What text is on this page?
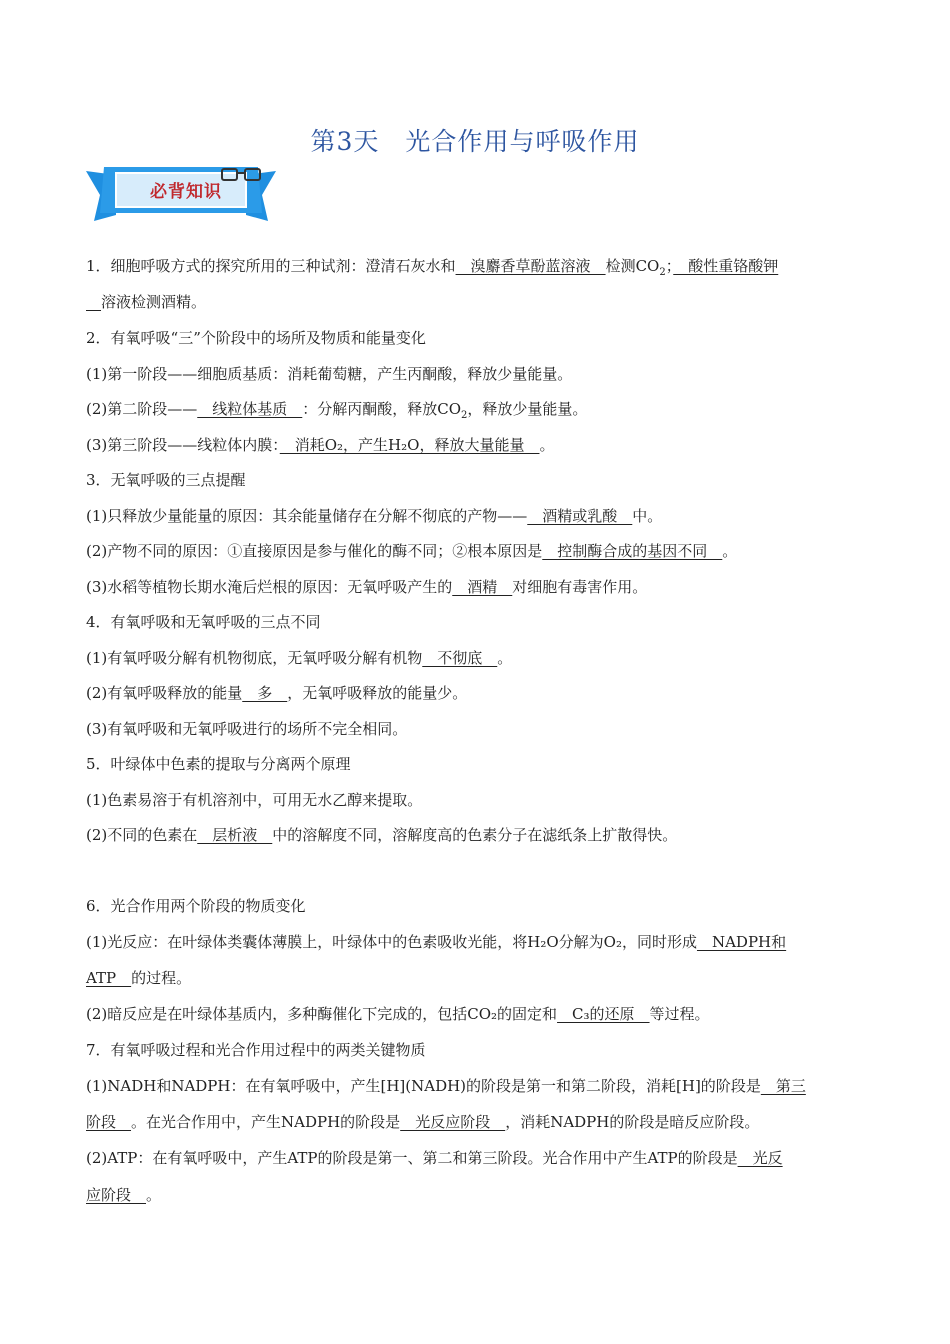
第3天　光合作用与呼吸作用
必背知识
1．细胞呼吸方式的探究所用的三种试剂：澄清石灰水和　溴麝香草酚蓝溶液　检测$CO_2$；　酸性重铬酸钾
　溶液检测酒精。
2．有氧呼吸“三”个阶段中的场所及物质和能量变化
(1)第一阶段——细胞质基质：消耗葡萄糖，产生丙酮酸，释放少量能量。
(2)第二阶段——　线粒体基质　：分解丙酮酸，释放$CO_2$，释放少量能量。
(3)第三阶段——线粒体内膜：　消耗O₂，产生H₂O，释放大量能量　。
3．无氧呼吸的三点提醒
(1)只释放少量能量的原因：其余能量储存在分解不彻底的产物——　酒精或乳酸　中。
(2)产物不同的原因：①直接原因是参与催化的酶不同；②根本原因是　控制酶合成的基因不同　。
(3)水稻等植物长期水淹后烂根的原因：无氧呼吸产生的　酒精　对细胞有毒害作用。
4．有氧呼吸和无氧呼吸的三点不同
(1)有氧呼吸分解有机物彻底，无氧呼吸分解有机物　不彻底　。
(2)有氧呼吸释放的能量　多　，无氧呼吸释放的能量少。
(3)有氧呼吸和无氧呼吸进行的场所不完全相同。
5．叶绿体中色素的提取与分离两个原理
(1)色素易溶于有机溶剂中，可用无水乙醇来提取。
(2)不同的色素在　层析液　中的溶解度不同，溶解度高的色素分子在滤纸条上扩散得快。
6．光合作用两个阶段的物质变化
(1)光反应：在叶绿体类囊体薄膜上，叶绿体中的色素吸收光能，将H₂O分解为O₂，同时形成　NADPH和
ATP　的过程。
(2)暗反应是在叶绿体基质内，多种酶催化下完成的，包括CO₂的固定和　C₃的还原　等过程。
7．有氧呼吸过程和光合作用过程中的两类关键物质
(1)NADH和NADPH：在有氧呼吸中，产生[H](NADH)的阶段是第一和第二阶段，消耗[H]的阶段是　第三
阶段　。在光合作用中，产生NADPH的阶段是　光反应阶段　，消耗NADPH的阶段是暗反应阶段。
(2)ATP：在有氧呼吸中，产生ATP的阶段是第一、第二和第三阶段。光合作用中产生ATP的阶段是　光反
应阶段　。
